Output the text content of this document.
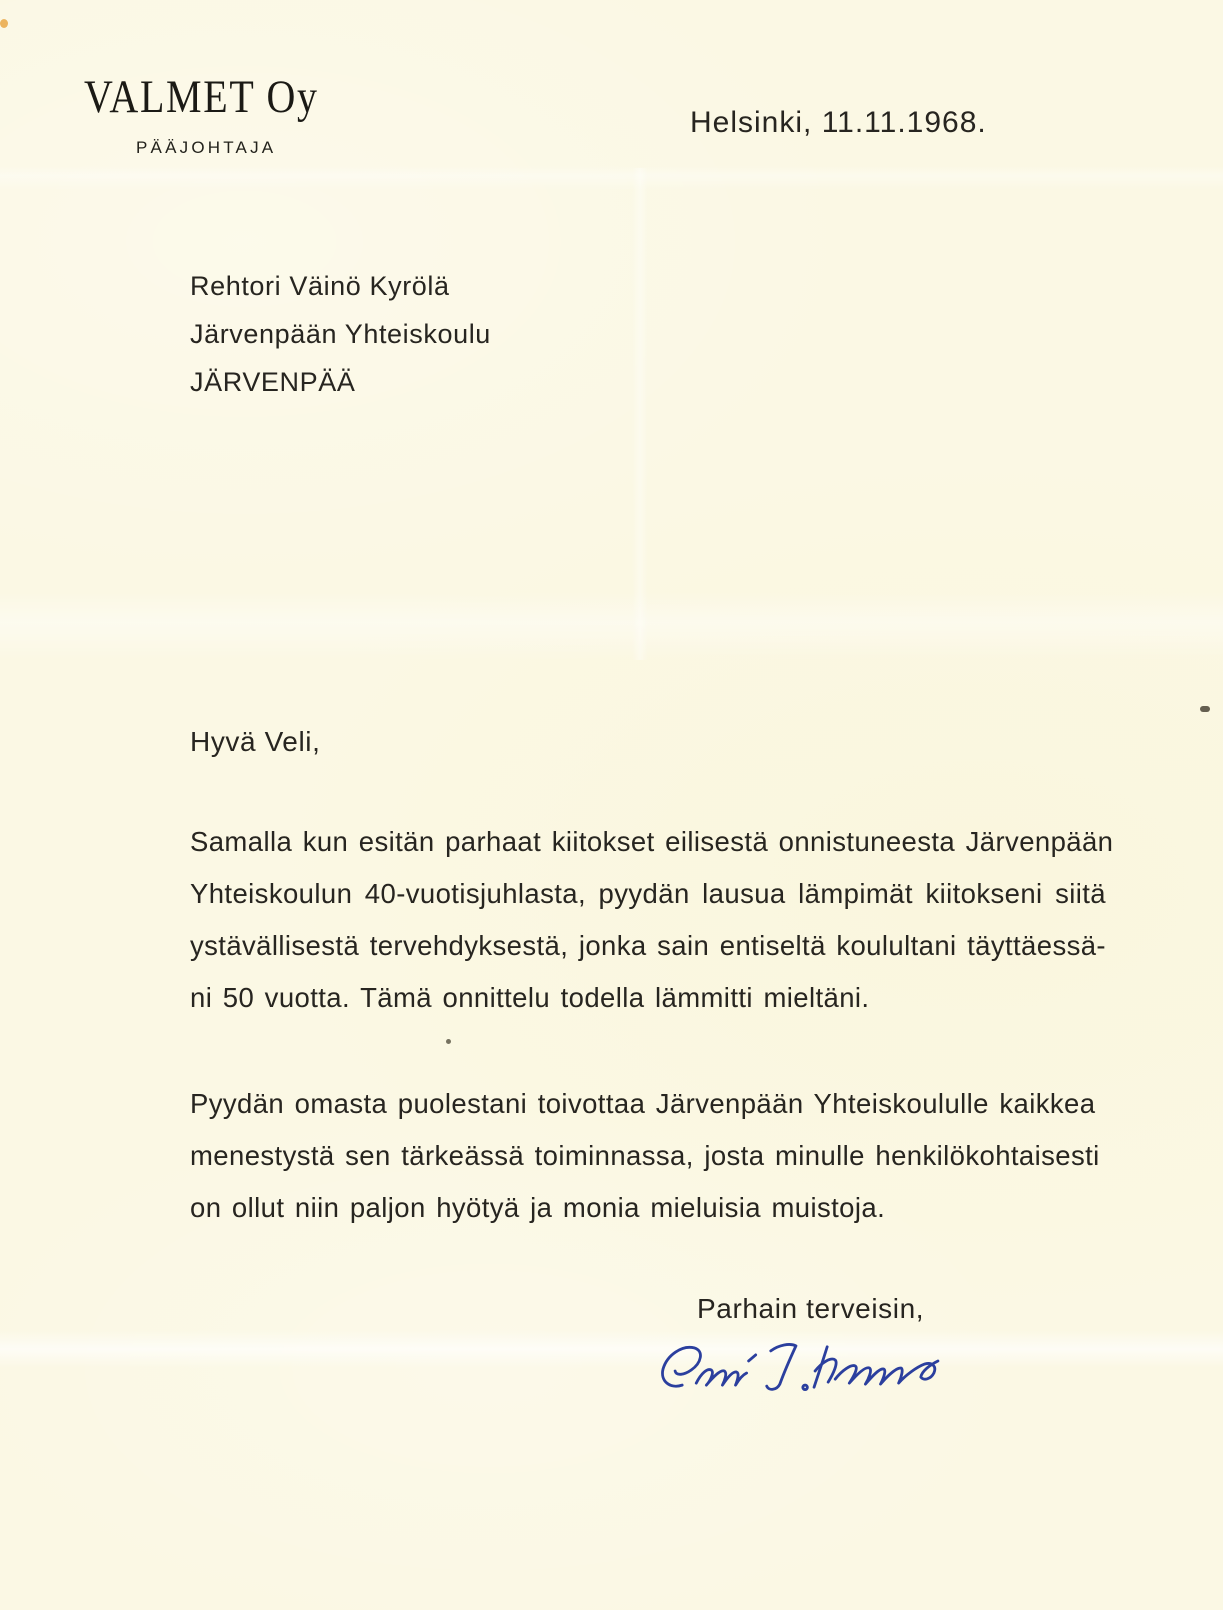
VALMET Oy
PÄÄJOHTAJA
Helsinki, 11.11.1968.
Rehtori Väinö Kyrölä
Järvenpään Yhteiskoulu
JÄRVENPÄÄ
Hyvä Veli,
Samalla kun esitän parhaat kiitokset eilisestä onnistuneesta Järvenpään
Yhteiskoulun 40-vuotisjuhlasta, pyydän lausua lämpimät kiitokseni siitä
ystävällisestä tervehdyksestä, jonka sain entiseltä koulultani täyttäessä-
ni 50 vuotta. Tämä onnittelu todella lämmitti mieltäni.
Pyydän omasta puolestani toivottaa Järvenpään Yhteiskoululle kaikkea
menestystä sen tärkeässä toiminnassa, josta minulle henkilökohtaisesti
on ollut niin paljon hyötyä ja monia mieluisia muistoja.
Parhain terveisin,
